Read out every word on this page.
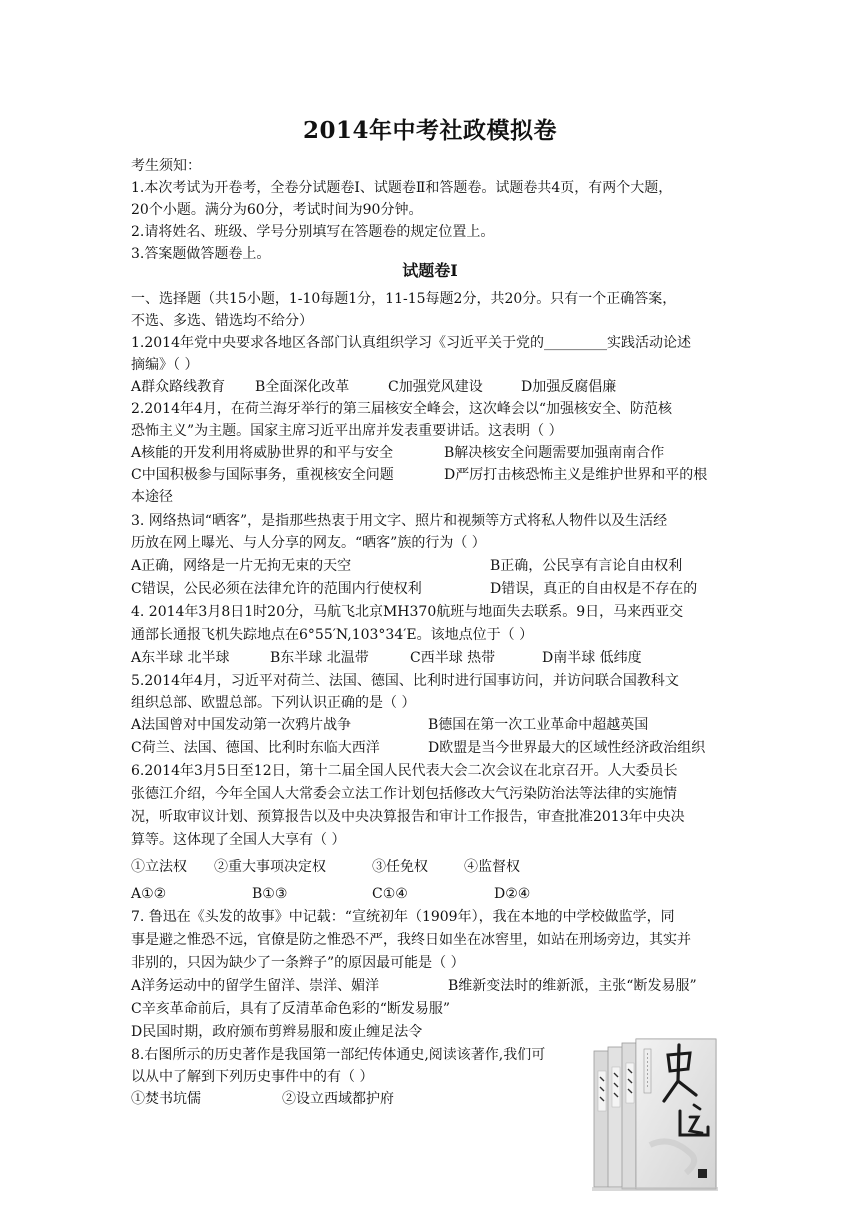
2014年中考社政模拟卷
考生须知：
1.本次考试为开卷考，全卷分试题卷Ⅰ、试题卷Ⅱ和答题卷。试题卷共4页，有两个大题，
20个小题。满分为60分，考试时间为90分钟。
2.请将姓名、班级、学号分别填写在答题卷的规定位置上。
3.答案题做答题卷上。
试题卷Ⅰ
一、选择题（共15小题，1-10每题1分，11-15每题2分，共20分。只有一个正确答案，
不选、多选、错选均不给分）
1.2014年党中央要求各地区各部门认真组织学习《习近平关于党的_________实践活动论述
摘编》（ ）
A群众路线教育 B全面深化改革	C加强党风建设	D加强反腐倡廉
2.2014年4月，在荷兰海牙举行的第三届核安全峰会，这次峰会以“加强核安全、防范核
恐怖主义”为主题。国家主席习近平出席并发表重要讲话。这表明（ ）
A核能的开发利用将威胁世界的和平与安全	B解决核安全问题需要加强南南合作
C中国积极参与国际事务，重视核安全问题	D严厉打击核恐怖主义是维护世界和平的根
本途径
3. 网络热词“晒客”，是指那些热衷于用文字、照片和视频等方式将私人物件以及生活经
历放在网上曝光、与人分享的网友。“晒客”族的行为（ ）
A正确，网络是一片无拘无束的天空	B正确，公民享有言论自由权利
C错误，公民必须在法律允许的范围内行使权利	D错误，真正的自由权是不存在的
4. 2014年3月8日1时20分，马航飞北京MH370航班与地面失去联系。9日，马来西亚交
通部长通报飞机失踪地点在6°55′N,103°34′E。该地点位于（ ）
A东半球 北半球	B东半球 北温带	C西半球 热带	D南半球 低纬度
5.2014年4月，习近平对荷兰、法国、德国、比利时进行国事访问，并访问联合国教科文
组织总部、欧盟总部。下列认识正确的是（ ）
A法国曾对中国发动第一次鸦片战争	B德国在第一次工业革命中超越英国
C荷兰、法国、德国、比利时东临大西洋	D欧盟是当今世界最大的区域性经济政治组织
6.2014年3月5日至12日，第十二届全国人民代表大会二次会议在北京召开。人大委员长
张德江介绍，今年全国人大常委会立法工作计划包括修改大气污染防治法等法律的实施情
况，听取审议计划、预算报告以及中央决算报告和审计工作报告，审查批准2013年中央决
算等。这体现了全国人大享有（ ）
①立法权 ②重大事项决定权	③任免权	④监督权
A①②	B①③	C①④	D②④
7. 鲁迅在《头发的故事》中记载：“宣统初年（1909年），我在本地的中学校做监学，同
事是避之惟恐不远，官僚是防之惟恐不严，我终日如坐在冰窖里，如站在刑场旁边，其实并
非别的，只因为缺少了一条辫子”的原因最可能是（ ）
A洋务运动中的留学生留洋、崇洋、媚洋	B维新变法时的维新派，主张“断发易服”
C辛亥革命前后，具有了反清革命色彩的“断发易服”
D民国时期，政府颁布剪辫易服和废止缠足法令
8.右图所示的历史著作是我国第一部纪传体通史,阅读该著作,我们可
以从中了解到下列历史事件中的有（ ）
①焚书坑儒	②设立西域都护府
